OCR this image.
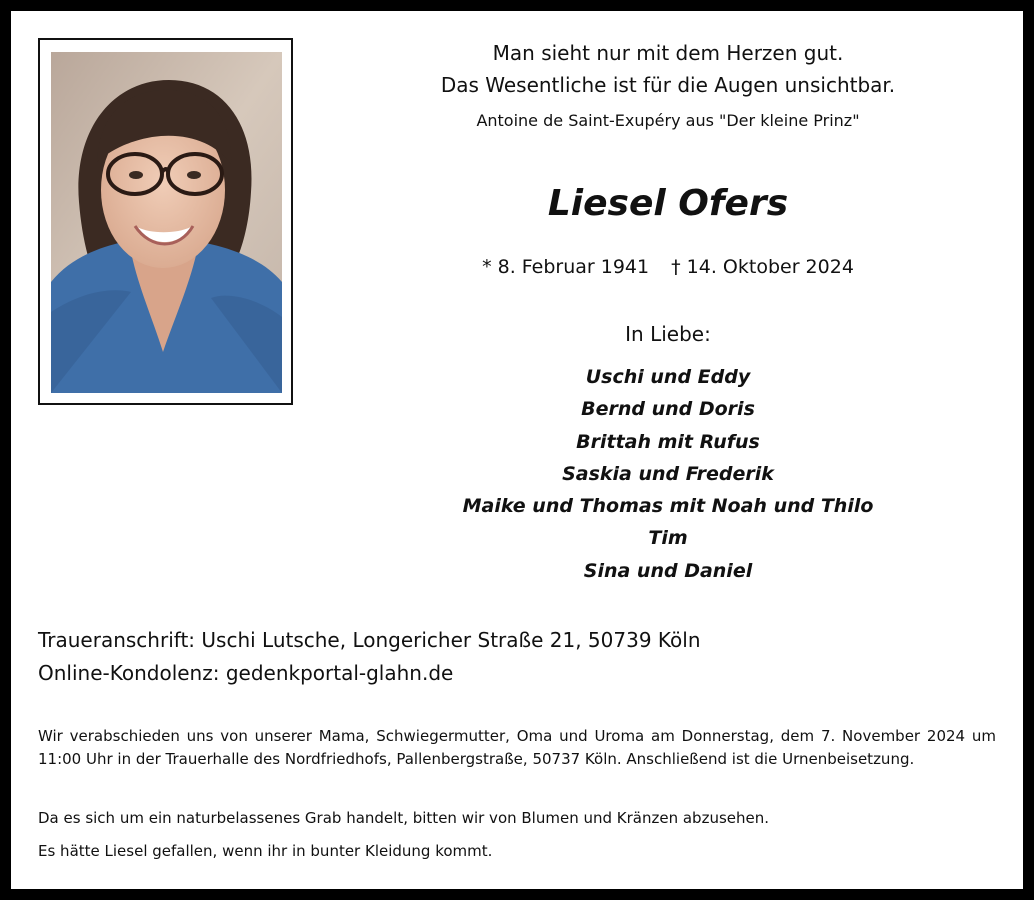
Man sieht nur mit dem Herzen gut.
Das Wesentliche ist für die Augen unsichtbar.
Antoine de Saint-Exupéry aus "Der kleine Prinz"
Liesel Ofers
* 8. Februar 1941 † 14. Oktober 2024
In Liebe:
Uschi und Eddy
Bernd und Doris
Brittah mit Rufus
Saskia und Frederik
Maike und Thomas mit Noah und Thilo
Tim
Sina und Daniel
Traueranschrift: Uschi Lutsche, Longericher Straße 21, 50739 Köln
Online-Kondolenz: gedenkportal-glahn.de
Wir verabschieden uns von unserer Mama, Schwiegermutter, Oma und Uroma am Donnerstag, dem 7. November 2024 um 11:00 Uhr in der Trauerhalle des Nordfriedhofs, Pallenbergstraße, 50737 Köln. Anschließend ist die Urnenbeisetzung.
Da es sich um ein naturbelassenes Grab handelt, bitten wir von Blumen und Kränzen abzusehen.
Es hätte Liesel gefallen, wenn ihr in bunter Kleidung kommt.
